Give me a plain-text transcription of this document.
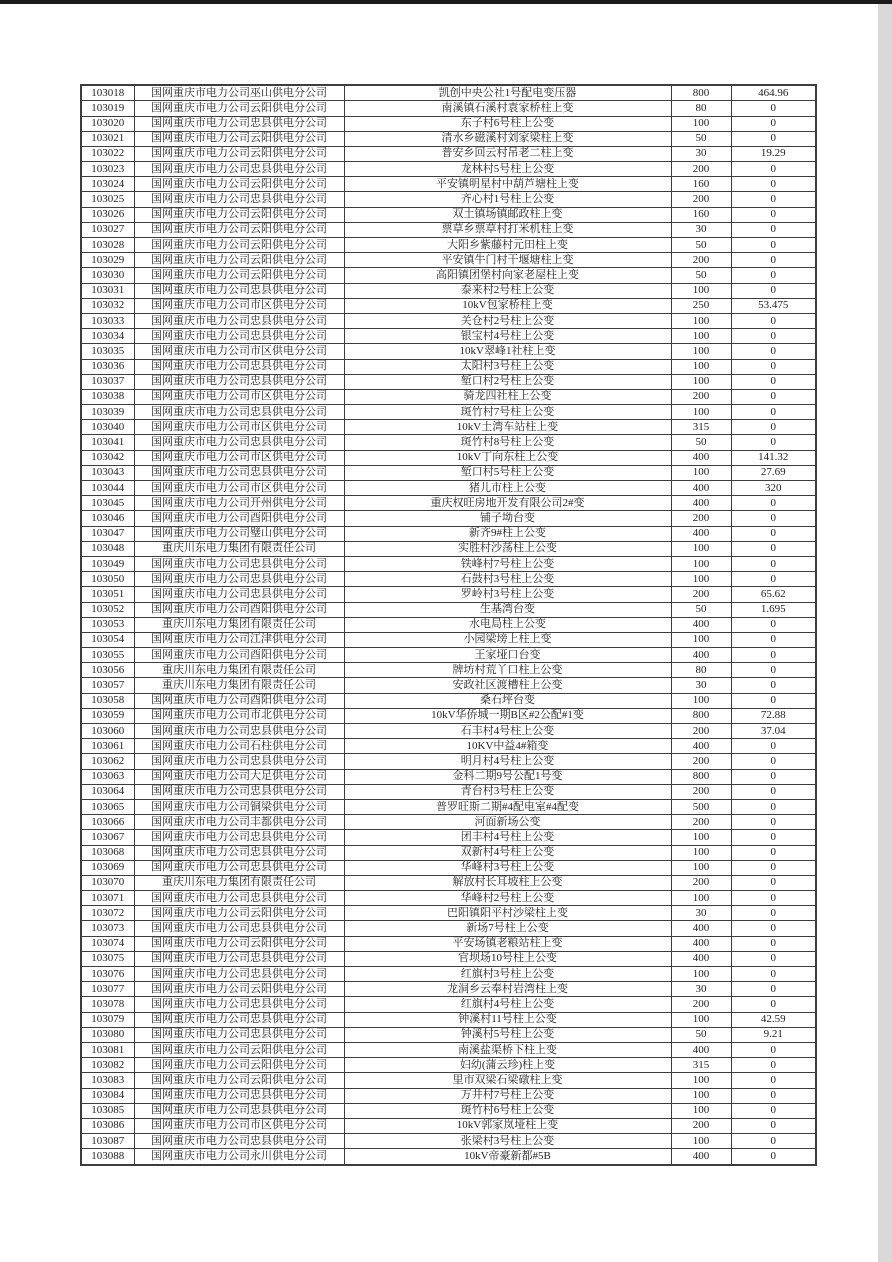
103018	国网重庆市电力公司巫山供电分公司	凯创中央公社1号配电变压器	800	464.96
103019	国网重庆市电力公司云阳供电分公司	南溪镇石溪村袁家桥柱上变	80	0
103020	国网重庆市电力公司忠县供电分公司	东子村6号柱上公变	100	0
103021	国网重庆市电力公司云阳供电分公司	清水乡磁溪村刘家梁柱上变	50	0
103022	国网重庆市电力公司云阳供电分公司	普安乡回云村吊老二柱上变	30	19.29
103023	国网重庆市电力公司忠县供电分公司	龙林村5号柱上公变	200	0
103024	国网重庆市电力公司云阳供电分公司	平安镇明星村中葫芦塘柱上变	160	0
103025	国网重庆市电力公司忠县供电分公司	齐心村1号柱上公变	200	0
103026	国网重庆市电力公司云阳供电分公司	双土镇场镇邮政柱上变	160	0
103027	国网重庆市电力公司云阳供电分公司	票草乡票草村打米机柱上变	30	0
103028	国网重庆市电力公司云阳供电分公司	大阳乡紫藤村元田柱上变	50	0
103029	国网重庆市电力公司云阳供电分公司	平安镇牛门村干堰塘柱上变	200	0
103030	国网重庆市电力公司云阳供电分公司	高阳镇团堡村向家老屋柱上变	50	0
103031	国网重庆市电力公司忠县供电分公司	泰来村2号柱上公变	100	0
103032	国网重庆市电力公司市区供电分公司	10kV包家桥柱上变	250	53.475
103033	国网重庆市电力公司忠县供电分公司	关仓村2号柱上公变	100	0
103034	国网重庆市电力公司忠县供电分公司	银宝村4号柱上公变	100	0
103035	国网重庆市电力公司市区供电分公司	10kV翠峰1社柱上变	100	0
103036	国网重庆市电力公司忠县供电分公司	太阳村3号柱上公变	100	0
103037	国网重庆市电力公司忠县供电分公司	堑口村2号柱上公变	100	0
103038	国网重庆市电力公司市区供电分公司	骑龙四社柱上公变	200	0
103039	国网重庆市电力公司忠县供电分公司	斑竹村7号柱上公变	100	0
103040	国网重庆市电力公司市区供电分公司	10kV土湾车站柱上变	315	0
103041	国网重庆市电力公司忠县供电分公司	斑竹村8号柱上公变	50	0
103042	国网重庆市电力公司市区供电分公司	10kV丁向东柱上公变	400	141.32
103043	国网重庆市电力公司忠县供电分公司	堑口村5号柱上公变	100	27.69
103044	国网重庆市电力公司市区供电分公司	猪儿市柱上公变	400	320
103045	国网重庆市电力公司开州供电分公司	重庆权旺房地开发有限公司2#变	400	0
103046	国网重庆市电力公司酉阳供电分公司	铺子坳台变	200	0
103047	国网重庆市电力公司璧山供电分公司	新齐9#柱上公变	400	0
103048	重庆川东电力集团有限责任公司	实胜村沙荡柱上公变	100	0
103049	国网重庆市电力公司忠县供电分公司	铁峰村7号柱上公变	100	0
103050	国网重庆市电力公司忠县供电分公司	石鼓村3号柱上公变	100	0
103051	国网重庆市电力公司忠县供电分公司	罗岭村3号柱上公变	200	65.62
103052	国网重庆市电力公司酉阳供电分公司	生基湾台变	50	1.695
103053	重庆川东电力集团有限责任公司	水电局柱上公变	400	0
103054	国网重庆市电力公司江津供电分公司	小园梁塝上柱上变	100	0
103055	国网重庆市电力公司酉阳供电分公司	王家垭口台变	400	0
103056	重庆川东电力集团有限责任公司	牌坊村荒丫口柱上公变	80	0
103057	重庆川东电力集团有限责任公司	安政社区渡槽柱上公变	30	0
103058	国网重庆市电力公司酉阳供电分公司	桑石坪台变	100	0
103059	国网重庆市电力公司市北供电分公司	10kV华侨城一期B区#2公配#1变	800	72.88
103060	国网重庆市电力公司忠县供电分公司	石丰村4号柱上公变	200	37.04
103061	国网重庆市电力公司石柱供电分公司	10KV中益4#箱变	400	0
103062	国网重庆市电力公司忠县供电分公司	明月村4号柱上公变	200	0
103063	国网重庆市电力公司大足供电分公司	金科二期9号公配1号变	800	0
103064	国网重庆市电力公司忠县供电分公司	青台村3号柱上公变	200	0
103065	国网重庆市电力公司铜梁供电分公司	普罗旺斯二期#4配电室#4配变	500	0
103066	国网重庆市电力公司丰都供电分公司	河面新场公变	200	0
103067	国网重庆市电力公司忠县供电分公司	团丰村4号柱上公变	100	0
103068	国网重庆市电力公司忠县供电分公司	双新村4号柱上公变	100	0
103069	国网重庆市电力公司忠县供电分公司	华峰村3号柱上公变	100	0
103070	重庆川东电力集团有限责任公司	解放村长耳坡柱上公变	200	0
103071	国网重庆市电力公司忠县供电分公司	华峰村2号柱上公变	100	0
103072	国网重庆市电力公司云阳供电分公司	巴阳镇阳平村沙梁柱上变	30	0
103073	国网重庆市电力公司忠县供电分公司	新场7号柱上公变	400	0
103074	国网重庆市电力公司云阳供电分公司	平安场镇老粮站柱上变	400	0
103075	国网重庆市电力公司忠县供电分公司	官坝场10号柱上公变	400	0
103076	国网重庆市电力公司忠县供电分公司	红旗村3号柱上公变	100	0
103077	国网重庆市电力公司云阳供电分公司	龙洞乡云奉村岩湾柱上变	30	0
103078	国网重庆市电力公司忠县供电分公司	红旗村4号柱上公变	200	0
103079	国网重庆市电力公司忠县供电分公司	钟溪村11号柱上公变	100	42.59
103080	国网重庆市电力公司忠县供电分公司	钟溪村5号柱上公变	50	9.21
103081	国网重庆市电力公司云阳供电分公司	南溪盐渠桥下柱上变	400	0
103082	国网重庆市电力公司云阳供电分公司	妇幼(蒲云珍)柱上变	315	0
103083	国网重庆市电力公司云阳供电分公司	里市双梁石梁礅柱上变	100	0
103084	国网重庆市电力公司忠县供电分公司	万井村7号柱上公变	100	0
103085	国网重庆市电力公司忠县供电分公司	斑竹村6号柱上公变	100	0
103086	国网重庆市电力公司市区供电分公司	10kV郭家岚垭柱上变	200	0
103087	国网重庆市电力公司忠县供电分公司	张梁村3号柱上公变	100	0
103088	国网重庆市电力公司永川供电分公司	10kV帝豪新都#5B	400	0
